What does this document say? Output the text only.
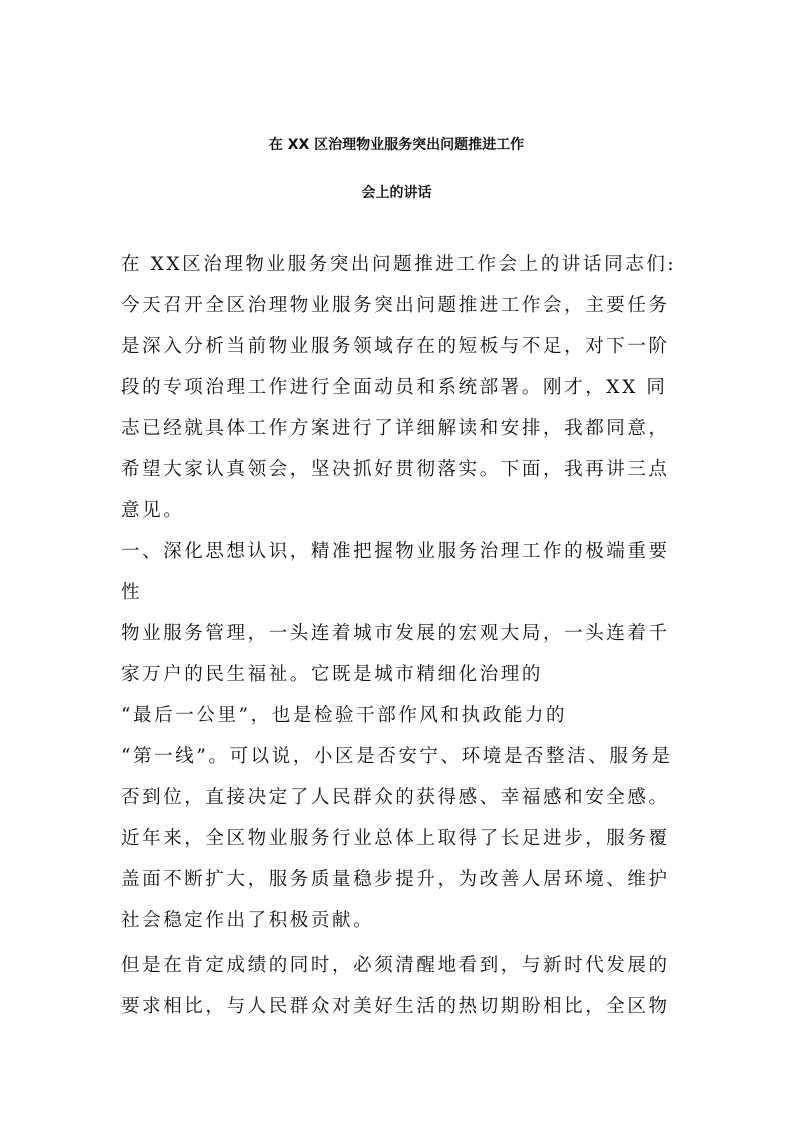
在 XX 区治理物业服务突出问题推进工作
会上的讲话
在 XX区治理物业服务突出问题推进工作会上的讲话同志们:
今天召开全区治理物业服务突出问题推进工作会，主要任务
是深入分析当前物业服务领域存在的短板与不足，对下一阶
段的专项治理工作进行全面动员和系统部署。刚才，XX 同
志已经就具体工作方案进行了详细解读和安排，我都同意，
希望大家认真领会，坚决抓好贯彻落实。下面，我再讲三点
意见。
一、深化思想认识，精准把握物业服务治理工作的极端重要
性
物业服务管理，一头连着城市发展的宏观大局，一头连着千
家万户的民生福祉。它既是城市精细化治理的
“最后一公里”，也是检验干部作风和执政能力的
“第一线”。可以说，小区是否安宁、环境是否整洁、服务是
否到位，直接决定了人民群众的获得感、幸福感和安全感。
近年来，全区物业服务行业总体上取得了长足进步，服务覆
盖面不断扩大，服务质量稳步提升，为改善人居环境、维护
社会稳定作出了积极贡献。
但是在肯定成绩的同时，必须清醒地看到，与新时代发展的
要求相比，与人民群众对美好生活的热切期盼相比，全区物
